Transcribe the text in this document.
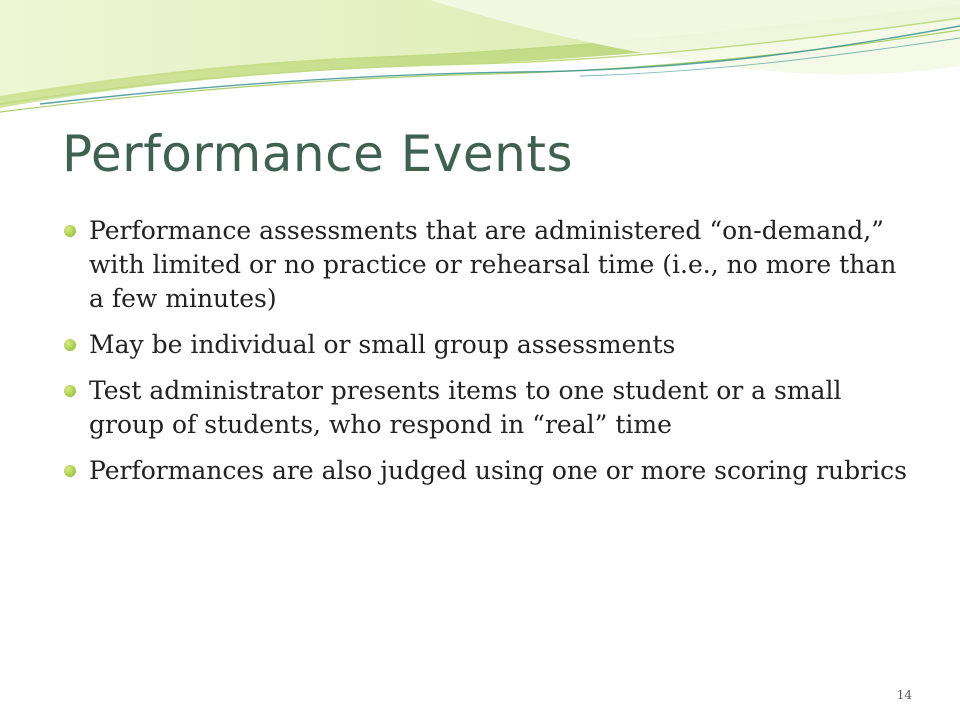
Performance Events
Performance assessments that are administered “on-demand,” with limited or no practice or rehearsal time (i.e., no more than a few minutes)
May be individual or small group assessments
Test administrator presents items to one student or a small group of students, who respond in “real” time
Performances are also judged using one or more scoring rubrics
14
